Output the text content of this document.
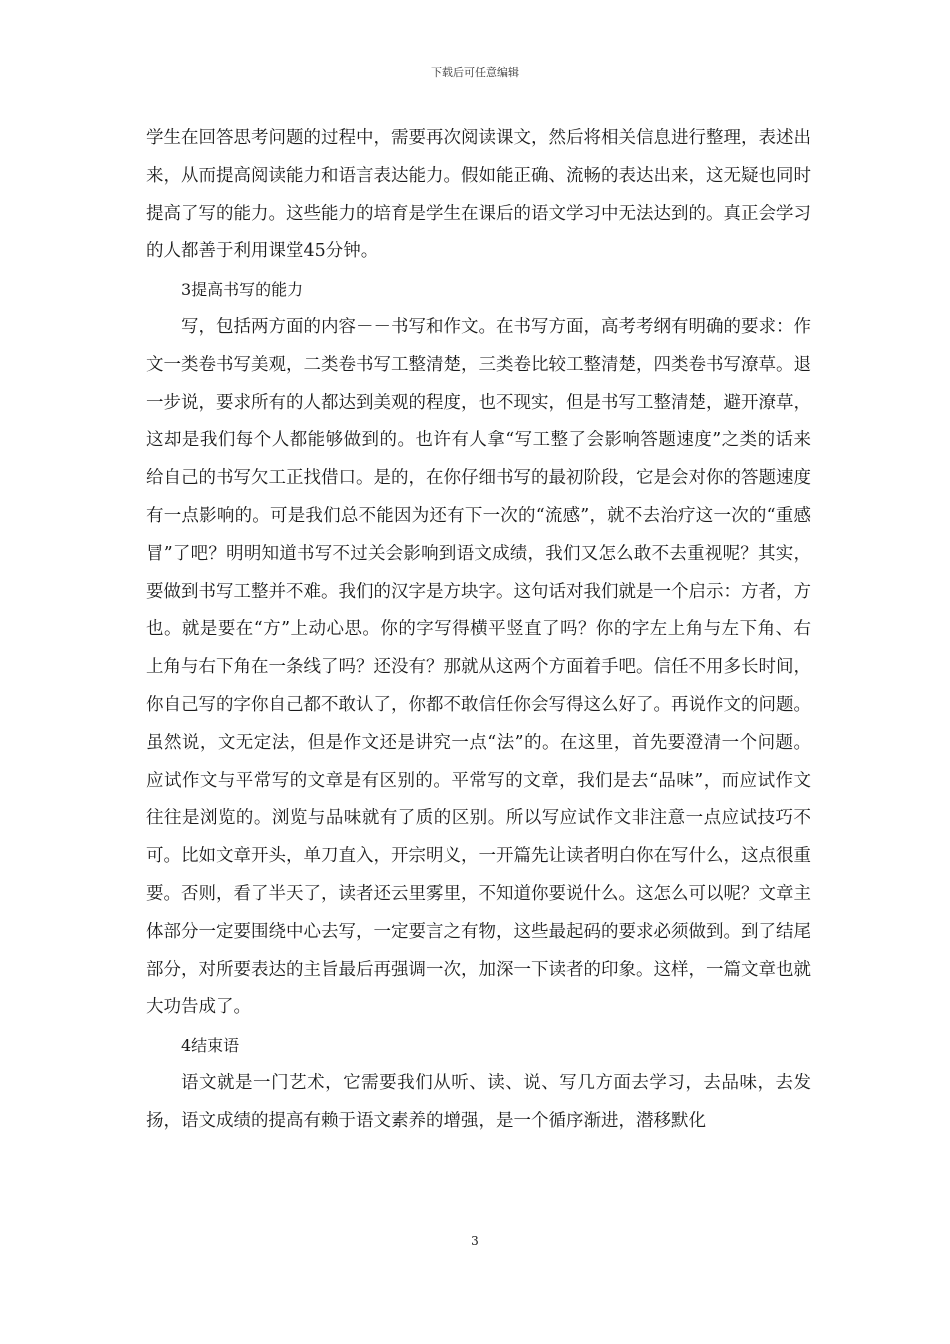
下载后可任意编辑

学生在回答思考问题的过程中，需要再次阅读课文，然后将相关信息进行整理，表述出来，从而提高阅读能力和语言表达能力。假如能正确、流畅的表达出来，这无疑也同时提高了写的能力。这些能力的培育是学生在课后的语文学习中无法达到的。真正会学习的人都善于利用课堂45分钟。

3提高书写的能力

写，包括两方面的内容－－书写和作文。在书写方面，高考考纲有明确的要求：作文一类卷书写美观，二类卷书写工整清楚，三类卷比较工整清楚，四类卷书写潦草。退一步说，要求所有的人都达到美观的程度，也不现实，但是书写工整清楚，避开潦草，这却是我们每个人都能够做到的。也许有人拿“写工整了会影响答题速度”之类的话来给自己的书写欠工正找借口。是的，在你仔细书写的最初阶段，它是会对你的答题速度有一点影响的。可是我们总不能因为还有下一次的“流感”，就不去治疗这一次的“重感冒”了吧？明明知道书写不过关会影响到语文成绩，我们又怎么敢不去重视呢？其实，要做到书写工整并不难。我们的汉字是方块字。这句话对我们就是一个启示：方者，方也。就是要在“方”上动心思。你的字写得横平竖直了吗？你的字左上角与左下角、右上角与右下角在一条线了吗？还没有？那就从这两个方面着手吧。信任不用多长时间，你自己写的字你自己都不敢认了，你都不敢信任你会写得这么好了。再说作文的问题。虽然说，文无定法，但是作文还是讲究一点“法”的。在这里，首先要澄清一个问题。应试作文与平常写的文章是有区别的。平常写的文章，我们是去“品味”，而应试作文往往是浏览的。浏览与品味就有了质的区别。所以写应试作文非注意一点应试技巧不可。比如文章开头，单刀直入，开宗明义，一开篇先让读者明白你在写什么，这点很重要。否则，看了半天了，读者还云里雾里，不知道你要说什么。这怎么可以呢？文章主体部分一定要围绕中心去写，一定要言之有物，这些最起码的要求必须做到。到了结尾部分，对所要表达的主旨最后再强调一次，加深一下读者的印象。这样，一篇文章也就大功告成了。

4结束语

语文就是一门艺术，它需要我们从听、读、说、写几方面去学习，去品味，去发扬，语文成绩的提高有赖于语文素养的增强，是一个循序渐进，潜移默化

3
